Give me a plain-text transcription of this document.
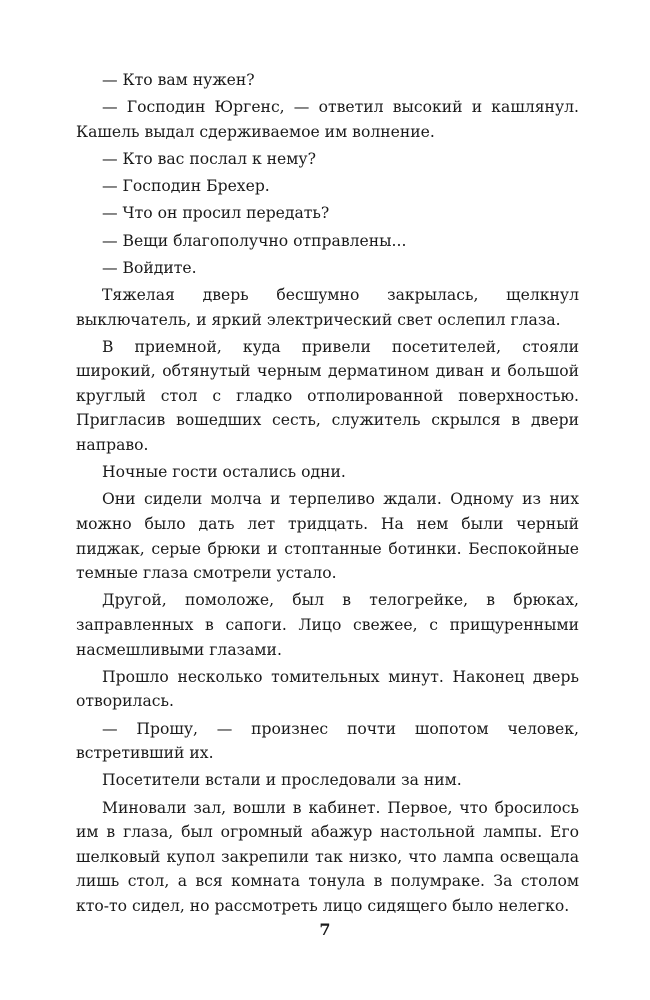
— Кто вам нужен?

— Господин Юргенс, — ответил высокий и кашлянул. Кашель выдал сдерживаемое им волнение.

— Кто вас послал к нему?

— Господин Брехер.

— Что он просил передать?

— Вещи благополучно отправлены...

— Войдите.

Тяжелая дверь бесшумно закрылась, щелкнул выключатель, и яркий электрический свет ослепил глаза.

В приемной, куда привели посетителей, стояли широкий, обтянутый черным дерматином диван и большой круглый стол с гладко отполированной поверхностью. Пригласив вошедших сесть, служитель скрылся в двери направо.

Ночные гости остались одни.

Они сидели молча и терпеливо ждали. Одному из них можно было дать лет тридцать. На нем были черный пиджак, серые брюки и стоптанные ботинки. Беспокойные темные глаза смотрели устало.

Другой, помоложе, был в телогрейке, в брюках, заправленных в сапоги. Лицо свежее, с прищуренными насмешливыми глазами.

Прошло несколько томительных минут. Наконец дверь отворилась.

— Прошу, — произнес почти шопотом человек, встретивший их.

Посетители встали и проследовали за ним.

Миновали зал, вошли в кабинет. Первое, что бросилось им в глаза, был огромный абажур настольной лампы. Его шелковый купол закрепили так низко, что лампа освещала лишь стол, а вся комната тонула в полумраке. За столом кто-то сидел, но рассмотреть лицо сидящего было нелегко.

7
